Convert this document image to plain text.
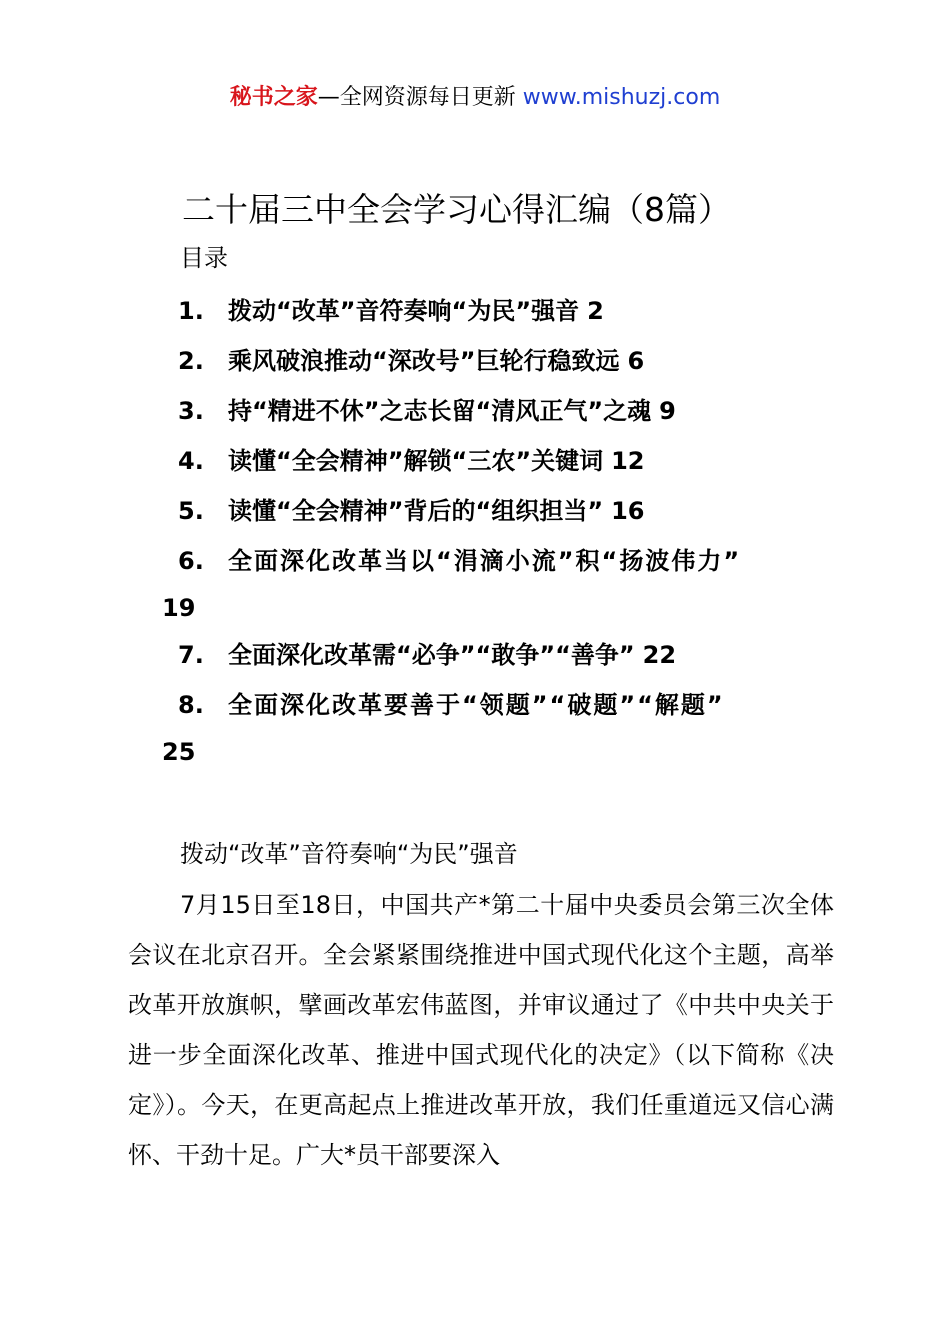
秘书之家—全网资源每日更新 www.mishuzj.com
二十届三中全会学习心得汇编（8篇）
目录
1. 拨动“改革”音符奏响“为民”强音 2
2. 乘风破浪推动“深改号”巨轮行稳致远 6
3. 持“精进不休”之志长留“清风正气”之魂 9
4. 读懂“全会精神”解锁“三农”关键词 12
5. 读懂“全会精神”背后的“组织担当” 16
6. 全面深化改革当以“涓滴小流”积“扬波伟力”
19
7. 全面深化改革需“必争”“敢争”“善争” 22
8. 全面深化改革要善于“领题”“破题”“解题”
25
拨动“改革”音符奏响“为民”强音

7月15日至18日，中国共产*第二十届中央委员会第三次全体会议在北京召开。全会紧紧围绕推进中国式现代化这个主题，高举改革开放旗帜，擘画改革宏伟蓝图，并审议通过了《中共中央关于进一步全面深化改革、推进中国式现代化的决定》（以下简称《决定》）。今天，在更高起点上推进改革开放，我们任重道远又信心满怀、干劲十足。广大*员干部要深入
